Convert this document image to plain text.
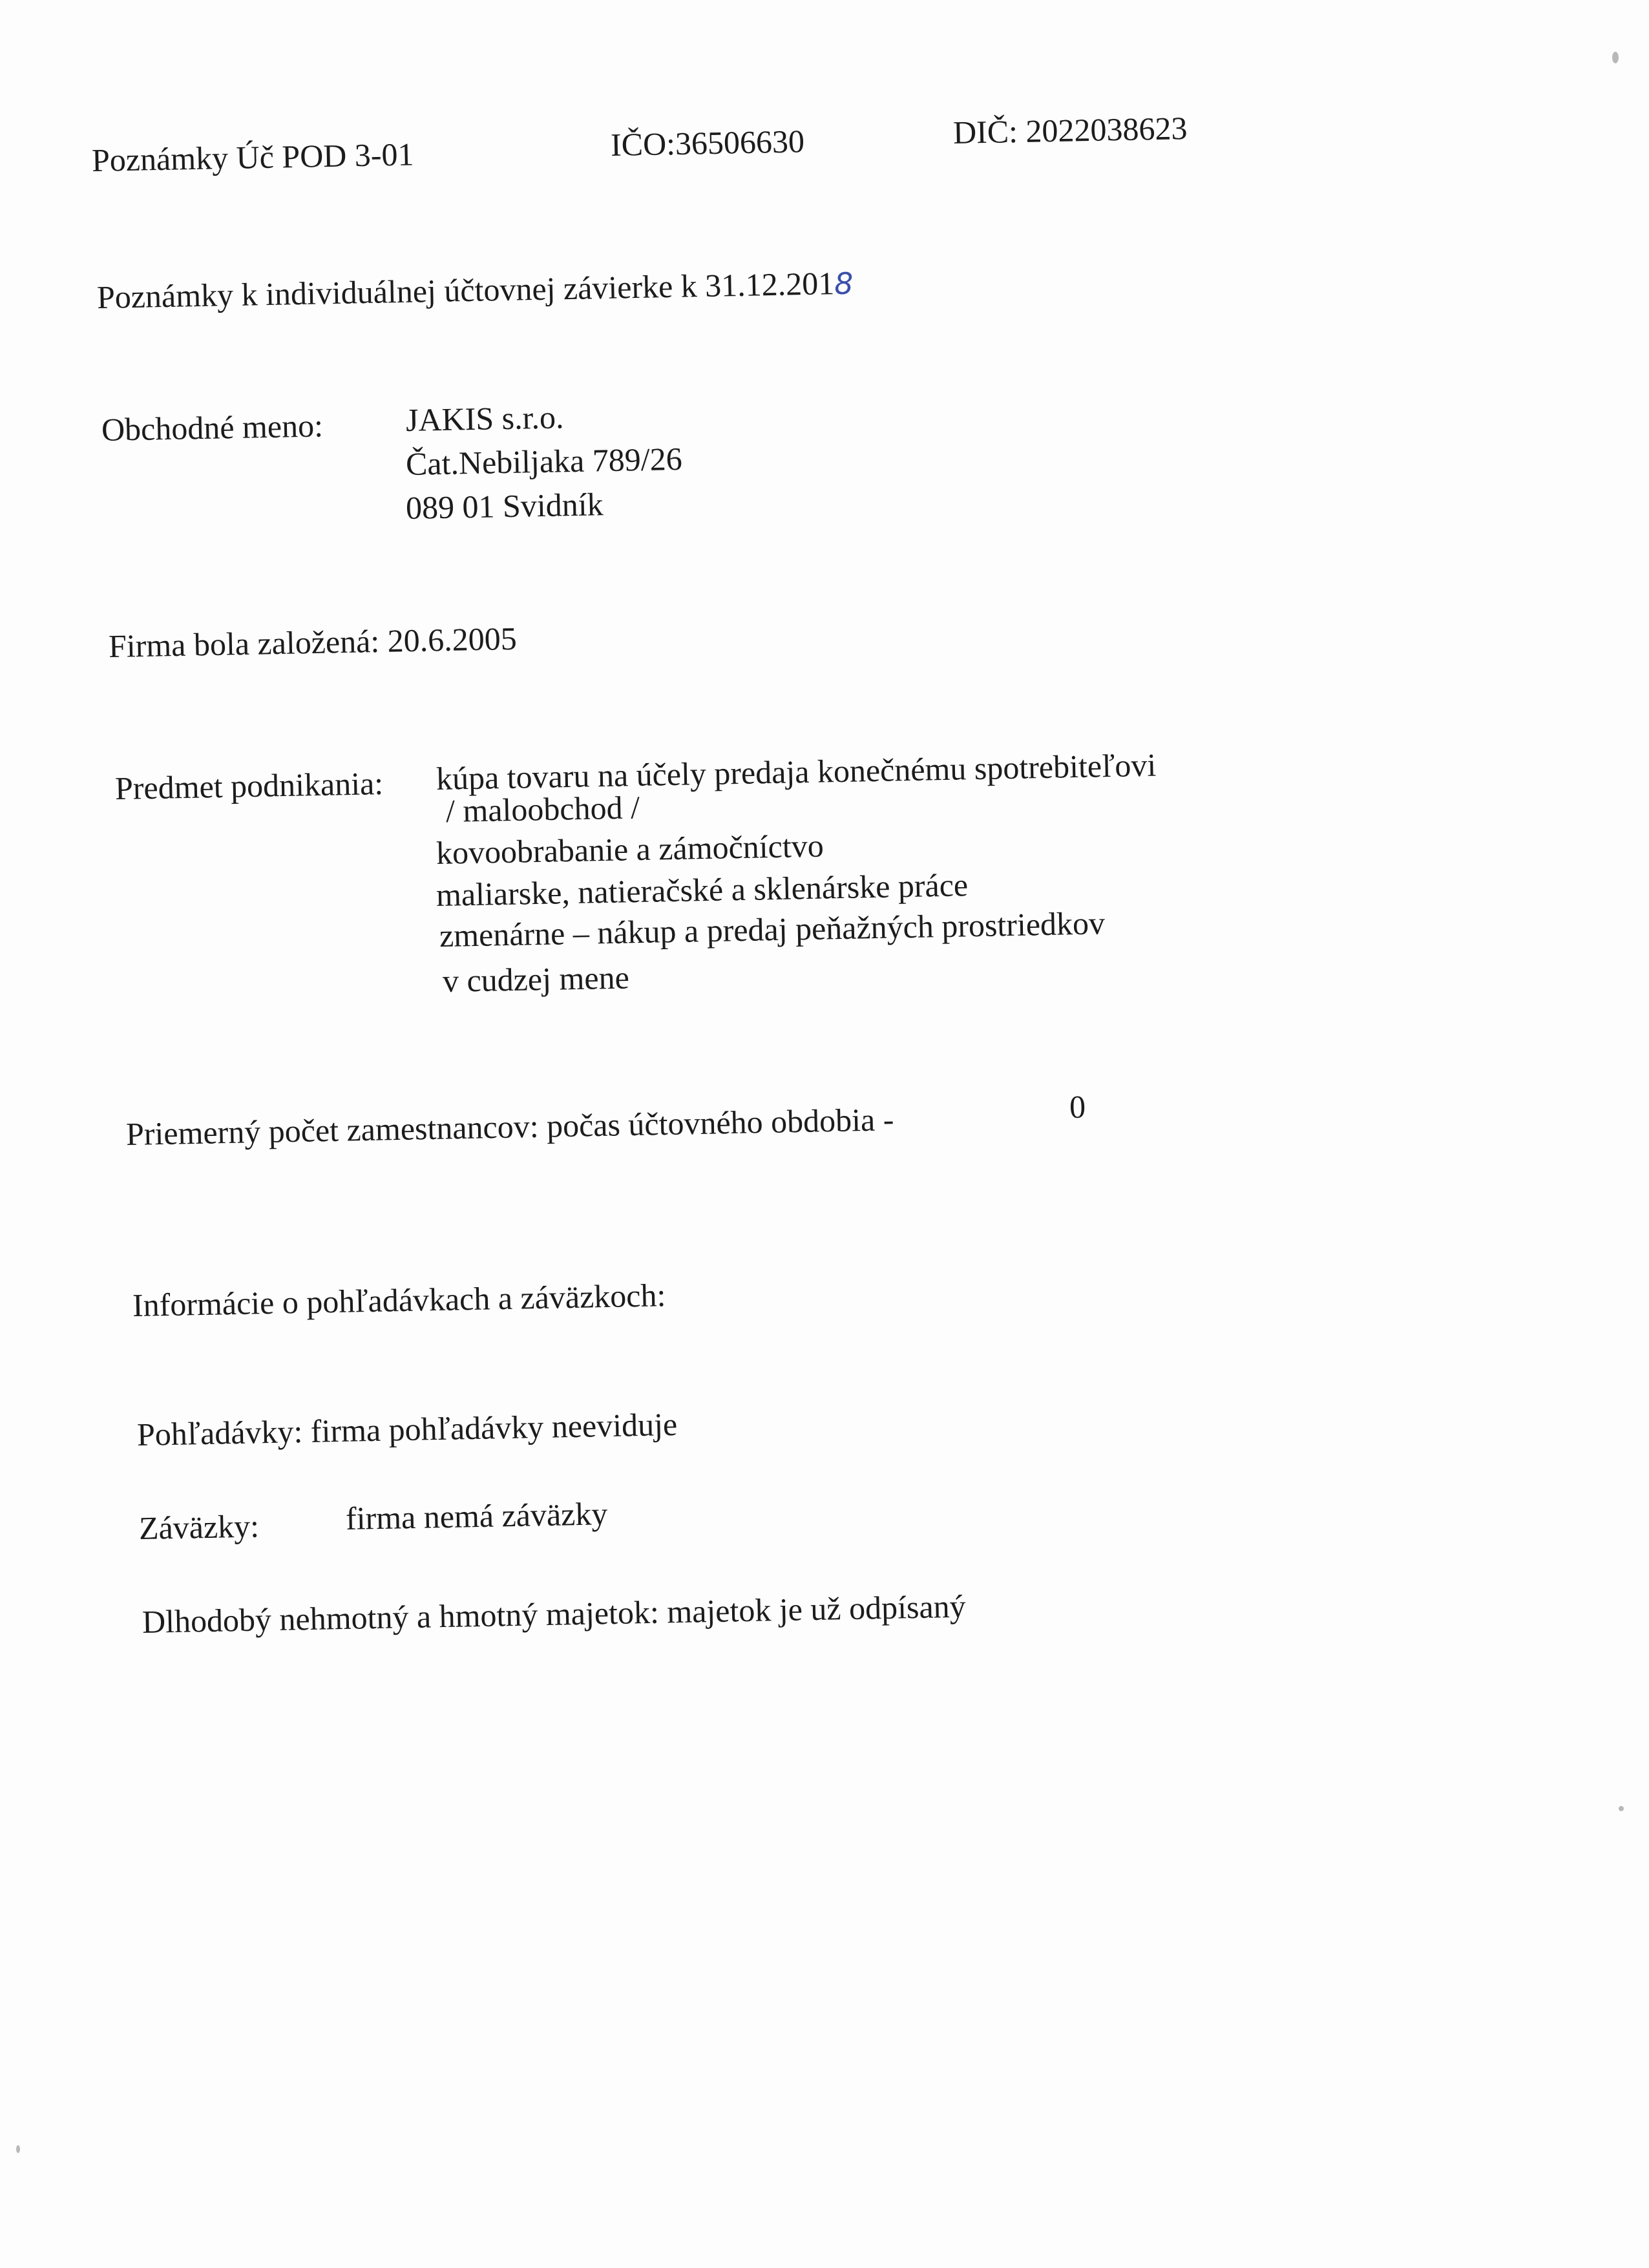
Poznámky Úč POD 3-01	IČO:36506630	DIČ: 2022038623
Poznámky k individuálnej účtovnej závierke k 31.12.2018
Obchodné meno:	JAKIS s.r.o.
Čat.Nebiljaka 789/26
089 01 Svidník
Firma bola založená: 20.6.2005
Predmet podnikania: kúpa tovaru na účely predaja konečnému spotrebiteľovi
/ maloobchod /
kovoobrabanie a zámočníctvo
maliarske, natieračské a sklenárske práce
zmenárne – nákup a predaj peňažných prostriedkov
v cudzej mene
Priemerný počet zamestnancov: počas účtovného obdobia -	0
Informácie o pohľadávkach a záväzkoch:
Pohľadávky: firma pohľadávky neeviduje
Záväzky:	firma nemá záväzky
Dlhodobý nehmotný a hmotný majetok: majetok je už odpísaný
